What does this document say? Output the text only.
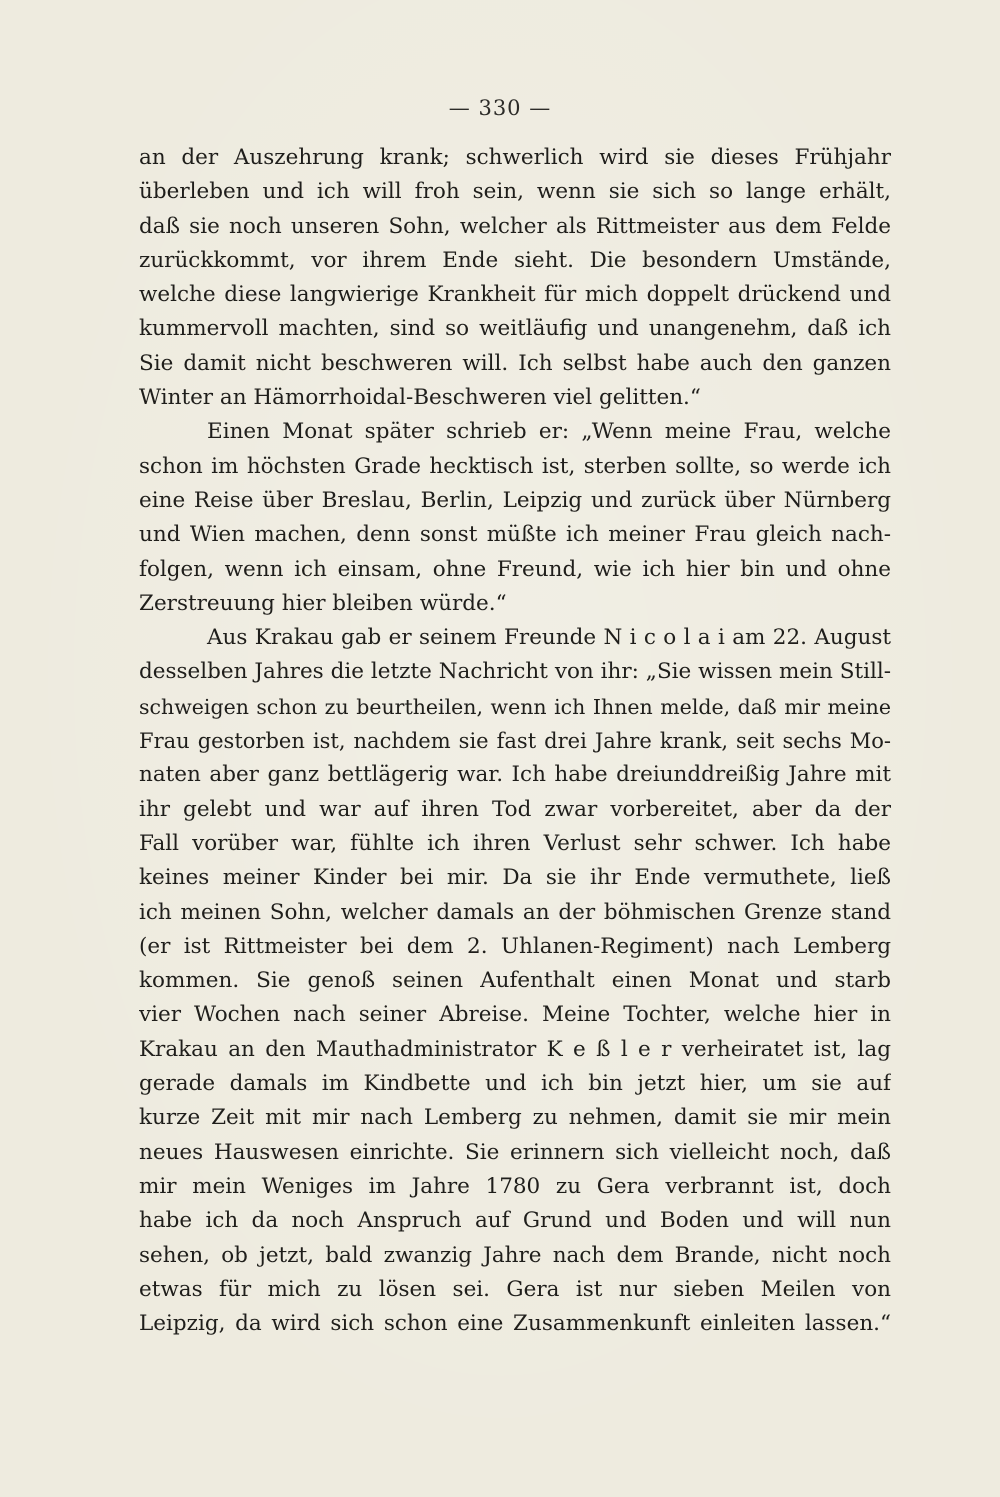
— 330 —
an der Auszehrung krank; schwerlich wird sie dieses Frühjahr
überleben und ich will froh sein, wenn sie sich so lange erhält,
daß sie noch unseren Sohn, welcher als Rittmeister aus dem Felde
zurückkommt, vor ihrem Ende sieht. Die besondern Umstände,
welche diese langwierige Krankheit für mich doppelt drückend und
kummervoll machten, sind so weitläufig und unangenehm, daß ich
Sie damit nicht beschweren will. Ich selbst habe auch den ganzen
Winter an Hämorrhoidal-Beschweren viel gelitten.“
Einen Monat später schrieb er: „Wenn meine Frau, welche
schon im höchsten Grade hecktisch ist, sterben sollte, so werde ich
eine Reise über Breslau, Berlin, Leipzig und zurück über Nürnberg
und Wien machen, denn sonst müßte ich meiner Frau gleich nach-
folgen, wenn ich einsam, ohne Freund, wie ich hier bin und ohne
Zerstreuung hier bleiben würde.“
Aus Krakau gab er seinem Freunde N i c o l a i am 22. August
desselben Jahres die letzte Nachricht von ihr: „Sie wissen mein Still-
schweigen schon zu beurtheilen, wenn ich Ihnen melde, daß mir meine
Frau gestorben ist, nachdem sie fast drei Jahre krank, seit sechs Mo-
naten aber ganz bettlägerig war. Ich habe dreiunddreißig Jahre mit
ihr gelebt und war auf ihren Tod zwar vorbereitet, aber da der
Fall vorüber war, fühlte ich ihren Verlust sehr schwer. Ich habe
keines meiner Kinder bei mir. Da sie ihr Ende vermuthete, ließ
ich meinen Sohn, welcher damals an der böhmischen Grenze stand
(er ist Rittmeister bei dem 2. Uhlanen-Regiment) nach Lemberg
kommen. Sie genoß seinen Aufenthalt einen Monat und starb
vier Wochen nach seiner Abreise. Meine Tochter, welche hier in
Krakau an den Mauthadministrator K e ß l e r verheiratet ist, lag
gerade damals im Kindbette und ich bin jetzt hier, um sie auf
kurze Zeit mit mir nach Lemberg zu nehmen, damit sie mir mein
neues Hauswesen einrichte. Sie erinnern sich vielleicht noch, daß
mir mein Weniges im Jahre 1780 zu Gera verbrannt ist, doch
habe ich da noch Anspruch auf Grund und Boden und will nun
sehen, ob jetzt, bald zwanzig Jahre nach dem Brande, nicht noch
etwas für mich zu lösen sei. Gera ist nur sieben Meilen von
Leipzig, da wird sich schon eine Zusammenkunft einleiten lassen.“
